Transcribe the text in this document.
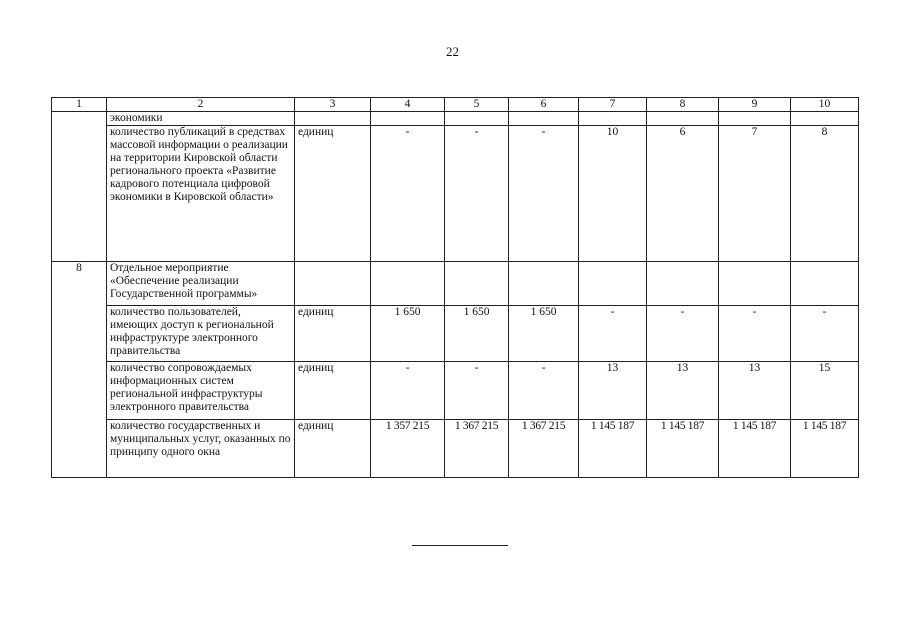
22
1	2	3	4	5	6	7	8	9	10
	экономики								
	количество публикаций в средствах массовой информации о реализации на территории Кировской области регионального проекта «Развитие кадрового потенциала цифровой экономики в Кировской области»	единиц	-	-	-	10	6	7	8
8	Отдельное мероприятие «Обеспечение реализации Государственной программы»								
	количество пользователей, имеющих доступ к региональной инфраструктуре электронного правительства	единиц	1 650	1 650	1 650	-	-	-	-
	количество сопровождаемых информационных систем региональной инфраструктуры электронного правительства	единиц	-	-	-	13	13	13	15
	количество государственных и муниципальных услуг, оказанных по принципу одного окна	единиц	1 357 215	1 367 215	1 367 215	1 145 187	1 145 187	1 145 187	1 145 187
